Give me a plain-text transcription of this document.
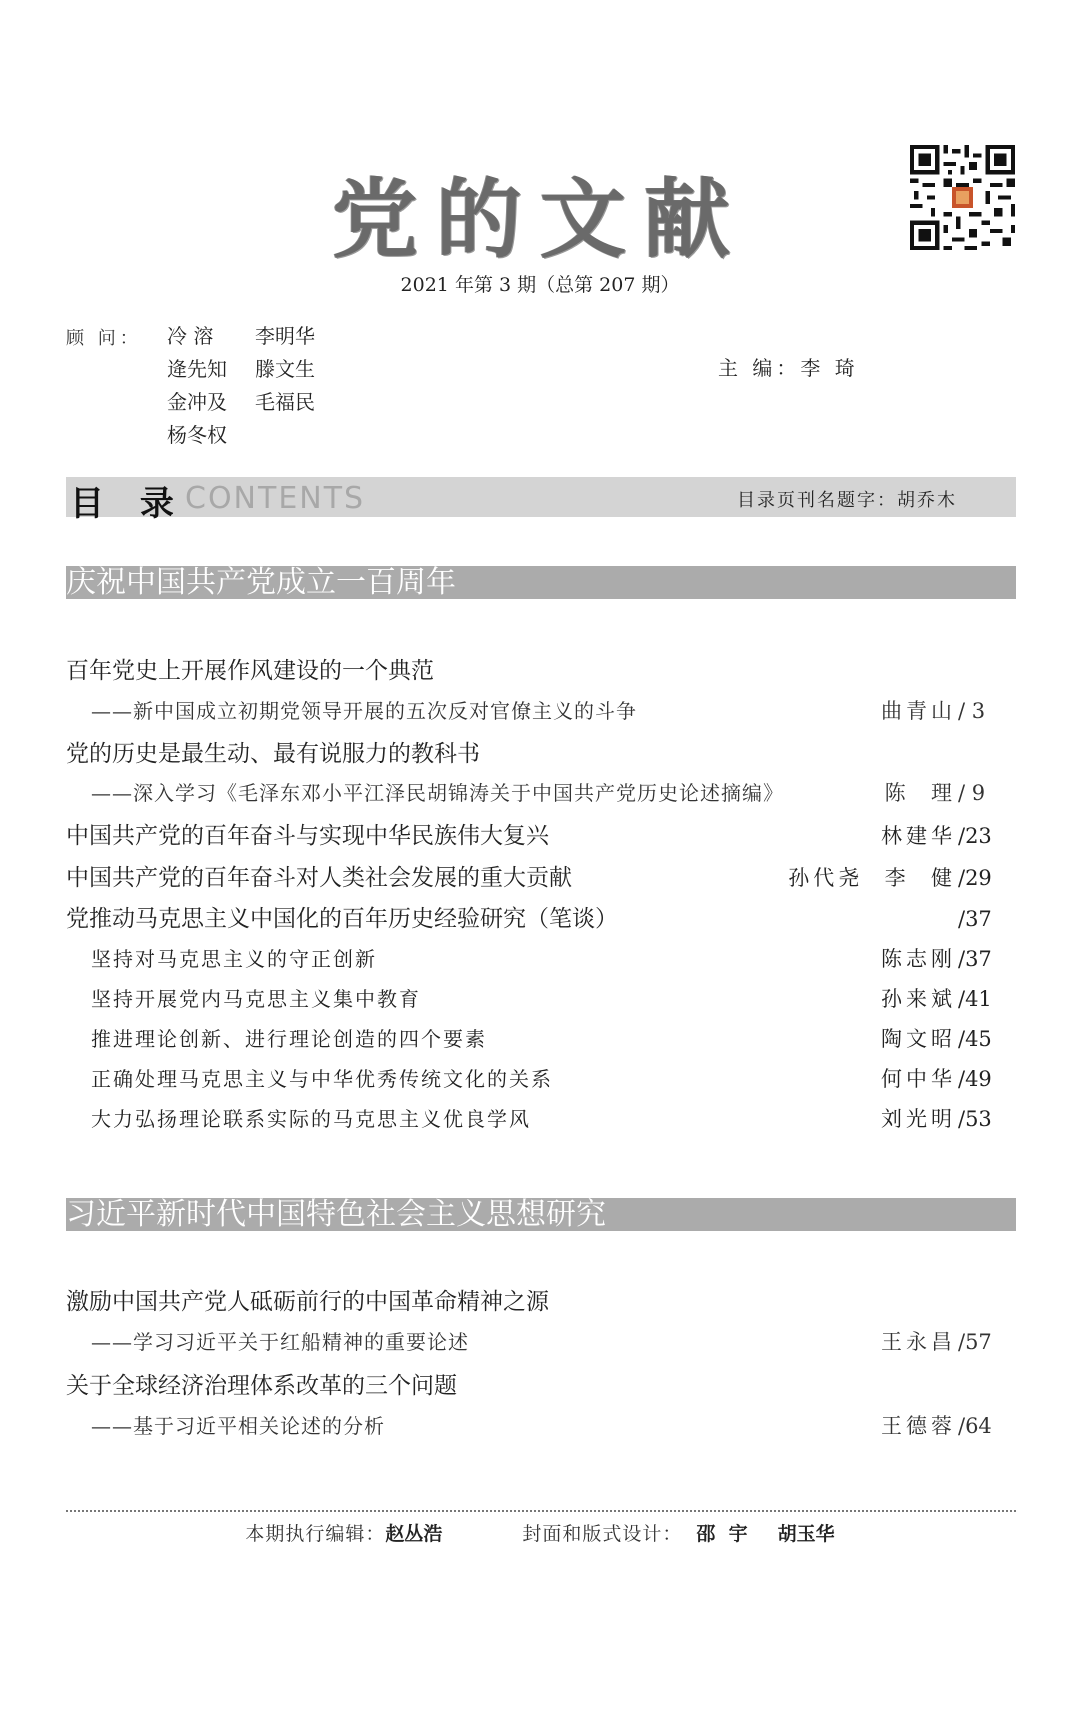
党的文献
2021 年第 3 期（总第 207 期）
顾 问： 冷 溶 李明华
逄先知 滕文生
金冲及 毛福民
杨冬权
主 编：李 琦
目 录 CONTENTS	目录页刊名题字：胡乔木
庆祝中国共产党成立一百周年
百年党史上开展作风建设的一个典范
——新中国成立初期党领导开展的五次反对官僚主义的斗争	曲青山 / 3
党的历史是最生动、最有说服力的教科书
——深入学习《毛泽东邓小平江泽民胡锦涛关于中国共产党历史论述摘编》	陈  理 / 9
中国共产党的百年奋斗与实现中华民族伟大复兴	林建华 /23
中国共产党的百年奋斗对人类社会发展的重大贡献	孙代尧  李  健 /29
党推动马克思主义中国化的百年历史经验研究（笔谈）	/37
坚持对马克思主义的守正创新	陈志刚 /37
坚持开展党内马克思主义集中教育	孙来斌 /41
推进理论创新、进行理论创造的四个要素	陶文昭 /45
正确处理马克思主义与中华优秀传统文化的关系	何中华 /49
大力弘扬理论联系实际的马克思主义优良学风	刘光明 /53
习近平新时代中国特色社会主义思想研究
激励中国共产党人砥砺前行的中国革命精神之源
——学习习近平关于红船精神的重要论述	王永昌 /57
关于全球经济治理体系改革的三个问题
——基于习近平相关论述的分析	王德蓉 /64
本期执行编辑：赵丛浩	封面和版式设计： 邵  宇 胡玉华
